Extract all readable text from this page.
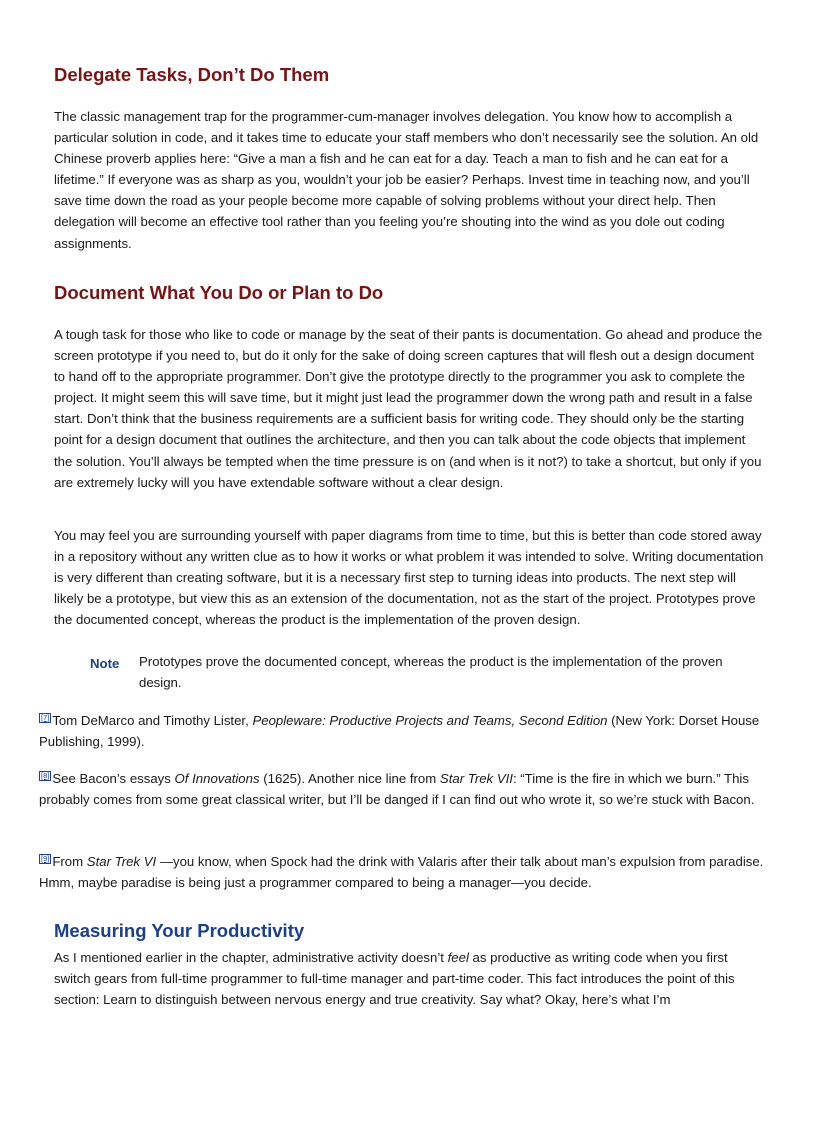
Delegate Tasks, Don’t Do Them

The classic management trap for the programmer-cum-manager involves delegation. You know how to accomplish a particular solution in code, and it takes time to educate your staff members who don’t necessarily see the solution. An old Chinese proverb applies here: “Give a man a fish and he can eat for a day. Teach a man to fish and he can eat for a lifetime.” If everyone was as sharp as you, wouldn’t your job be easier? Perhaps. Invest time in teaching now, and you’ll save time down the road as your people become more capable of solving problems without your direct help. Then delegation will become an effective tool rather than you feeling you’re shouting into the wind as you dole out coding assignments.

Document What You Do or Plan to Do

A tough task for those who like to code or manage by the seat of their pants is documentation. Go ahead and produce the screen prototype if you need to, but do it only for the sake of doing screen captures that will flesh out a design document to hand off to the appropriate programmer. Don’t give the prototype directly to the programmer you ask to complete the project. It might seem this will save time, but it might just lead the programmer down the wrong path and result in a false start. Don’t think that the business requirements are a sufficient basis for writing code. They should only be the starting point for a design document that outlines the architecture, and then you can talk about the code objects that implement the solution. You’ll always be tempted when the time pressure is on (and when is it not?) to take a shortcut, but only if you are extremely lucky will you have extendable software without a clear design.

You may feel you are surrounding yourself with paper diagrams from time to time, but this is better than code stored away in a repository without any written clue as to how it works or what problem it was intended to solve. Writing documentation is very different than creating software, but it is a necessary first step to turning ideas into products. The next step will likely be a prototype, but view this as an extension of the documentation, not as the start of the project. Prototypes prove the documented concept, whereas the product is the implementation of the proven design.

Note Prototypes prove the documented concept, whereas the product is the implementation of the proven design.

[7] Tom DeMarco and Timothy Lister, Peopleware: Productive Projects and Teams, Second Edition (New York: Dorset House Publishing, 1999).

[8] See Bacon’s essays Of Innovations (1625). Another nice line from Star Trek VII: “Time is the fire in which we burn.” This probably comes from some great classical writer, but I’ll be danged if I can find out who wrote it, so we’re stuck with Bacon.

[9] From Star Trek VI —you know, when Spock had the drink with Valaris after their talk about man’s expulsion from paradise. Hmm, maybe paradise is being just a programmer compared to being a manager—you decide.

Measuring Your Productivity

As I mentioned earlier in the chapter, administrative activity doesn’t feel as productive as writing code when you first switch gears from full-time programmer to full-time manager and part-time coder. This fact introduces the point of this section: Learn to distinguish between nervous energy and true creativity. Say what? Okay, here’s what I’m
